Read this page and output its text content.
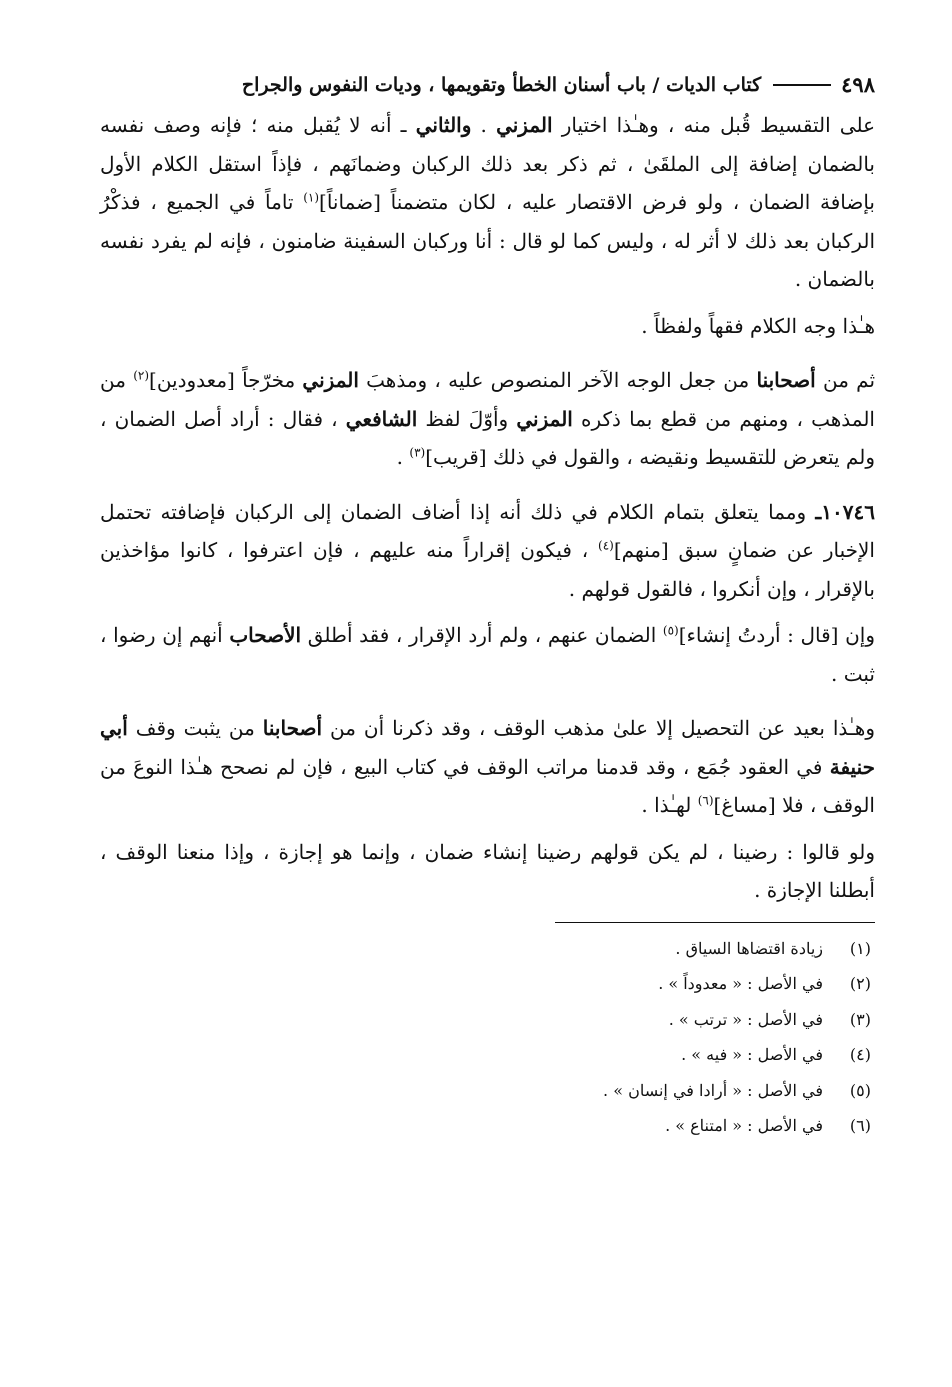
٤٩٨
كتاب الديات / باب أسنان الخطأ وتقويمها ، وديات النفوس والجراح

على التقسيط قُبل منه ، وهـٰذا اختيار المزني . والثاني ـ أنه لا يُقبل منه ؛ فإنه وصف نفسه بالضمان إضافة إلى الملقَىٰ ، ثم ذكر بعد ذلك الركبان وضمانَهم ، فإذاً استقل الكلام الأول بإضافة الضمان ، ولو فرض الاقتصار عليه ، لكان متضمناً [ضماناً]$^{(١)}$ تاماً في الجميع ، فذكْرُ الركبان بعد ذلك لا أثر له ، وليس كما لو قال : أنا وركبان السفينة ضامنون ، فإنه لم يفرد نفسه بالضمان .

هـٰذا وجه الكلام فقهاً ولفظاً .

ثم من أصحابنا من جعل الوجه الآخر المنصوص عليه ، ومذهبَ المزني مخرّجاً [معدودين]$^{(٢)}$ من المذهب ، ومنهم من قطع بما ذكره المزني وأوّلَ لفظ الشافعي ، فقال : أراد أصل الضمان ، ولم يتعرض للتقسيط ونقيضه ، والقول في ذلك [قريب]$^{(٣)}$ .

١٠٧٤٦ـ ومما يتعلق بتمام الكلام في ذلك أنه إذا أضاف الضمان إلى الركبان فإضافته تحتمل الإخبار عن ضمانٍ سبق [منهم]$^{(٤)}$ ، فيكون إقراراً منه عليهم ، فإن اعترفوا ، كانوا مؤاخذين بالإقرار ، وإن أنكروا ، فالقول قولهم .

وإن [قال : أردتُ إنشاء]$^{(٥)}$ الضمان عنهم ، ولم أرد الإقرار ، فقد أطلق الأصحاب أنهم إن رضوا ، ثبت .

وهـٰذا بعيد عن التحصيل إلا علىٰ مذهب الوقف ، وقد ذكرنا أن من أصحابنا من يثبت وقف أبي حنيفة في العقود جُمَع ، وقد قدمنا مراتب الوقف في كتاب البيع ، فإن لم نصحح هـٰذا النوعَ من الوقف ، فلا [مساغ]$^{(٦)}$ لهـٰذا .

ولو قالوا : رضينا ، لم يكن قولهم رضينا إنشاء ضمان ، وإنما هو إجازة ، وإذا منعنا الوقف ، أبطلنا الإجازة .

(١)
زيادة اقتضاها السياق .
(٢)
في الأصل : « معدوداً » .
(٣)
في الأصل : « ترتب » .
(٤)
في الأصل : « فيه » .
(٥)
في الأصل : « أرادا في إنسان » .
(٦)
في الأصل : « امتناع » .
